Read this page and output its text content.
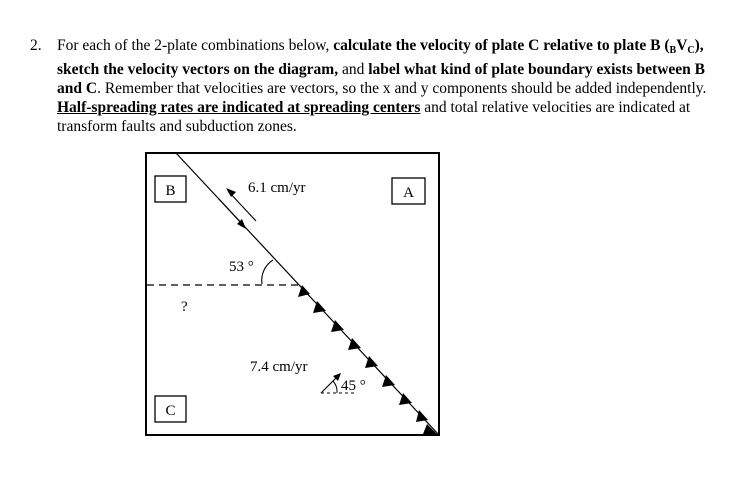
2. For each of the 2-plate combinations below, calculate the velocity of plate C relative to plate B $(_BV_C)$, sketch the velocity vectors on the diagram, and label what kind of plate boundary exists between B and C. Remember that velocities are vectors, so the x and y components should be added independently. Half-spreading rates are indicated at spreading centers and total relative velocities are indicated at transform faults and subduction zones.
B	A
C
6.1 cm/yr
53 °
?
7.4 cm/yr
45 °
